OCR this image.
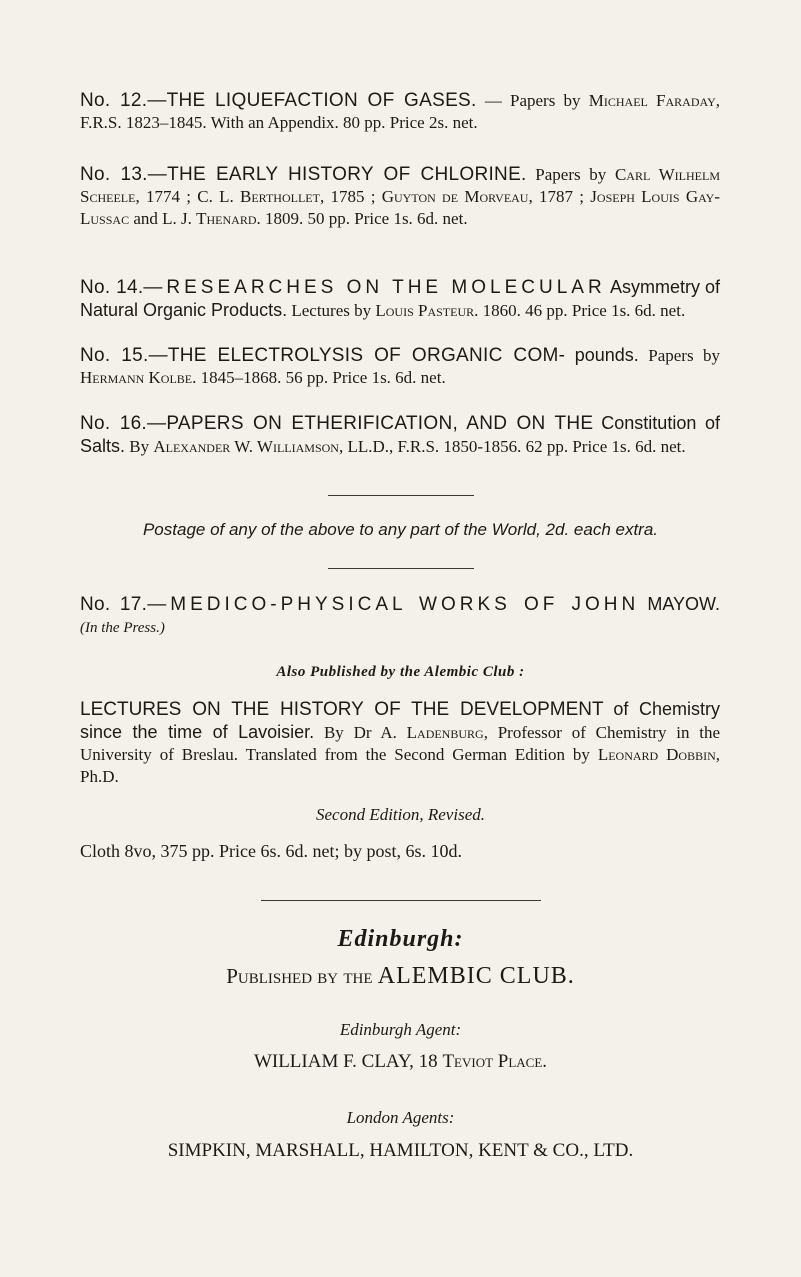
No. 12.—THE LIQUEFACTION OF GASES. — Papers by Michael Faraday, F.R.S. 1823–1845. With an Appendix. 80 pp. Price 2s. net.
No. 13.—THE EARLY HISTORY OF CHLORINE. Papers by Carl Wilhelm Scheele, 1774 ; C. L. Berthollet, 1785 ; Guyton de Morveau, 1787 ; Joseph Louis Gay-Lussac and L. J. Thenard. 1809. 50 pp. Price 1s. 6d. net.
No. 14.—RESEARCHES ON THE MOLECULAR Asymmetry of Natural Organic Products. Lectures by Louis Pasteur. 1860. 46 pp. Price 1s. 6d. net.
No. 15.—THE ELECTROLYSIS OF ORGANIC COM- pounds. Papers by Hermann Kolbe. 1845–1868. 56 pp. Price 1s. 6d. net.
No. 16.—PAPERS ON ETHERIFICATION, AND ON THE Constitution of Salts. By Alexander W. Williamson, LL.D., F.R.S. 1850-1856. 62 pp. Price 1s. 6d. net.
Postage of any of the above to any part of the World, 2d. each extra.
No. 17.—MEDICO-PHYSICAL WORKS OF JOHN MAYOW. (In the Press.)
Also Published by the Alembic Club :
LECTURES ON THE HISTORY OF THE DEVELOPMENT of Chemistry since the time of Lavoisier. By Dr A. Ladenburg, Professor of Chemistry in the University of Breslau. Translated from the Second German Edition by Leonard Dobbin, Ph.D.
Second Edition, Revised.
Cloth 8vo, 375 pp. Price 6s. 6d. net; by post, 6s. 10d.
Edinburgh:
Published by the ALEMBIC CLUB.
Edinburgh Agent:
WILLIAM F. CLAY, 18 Teviot Place.
London Agents:
SIMPKIN, MARSHALL, HAMILTON, KENT & CO., LTD.
